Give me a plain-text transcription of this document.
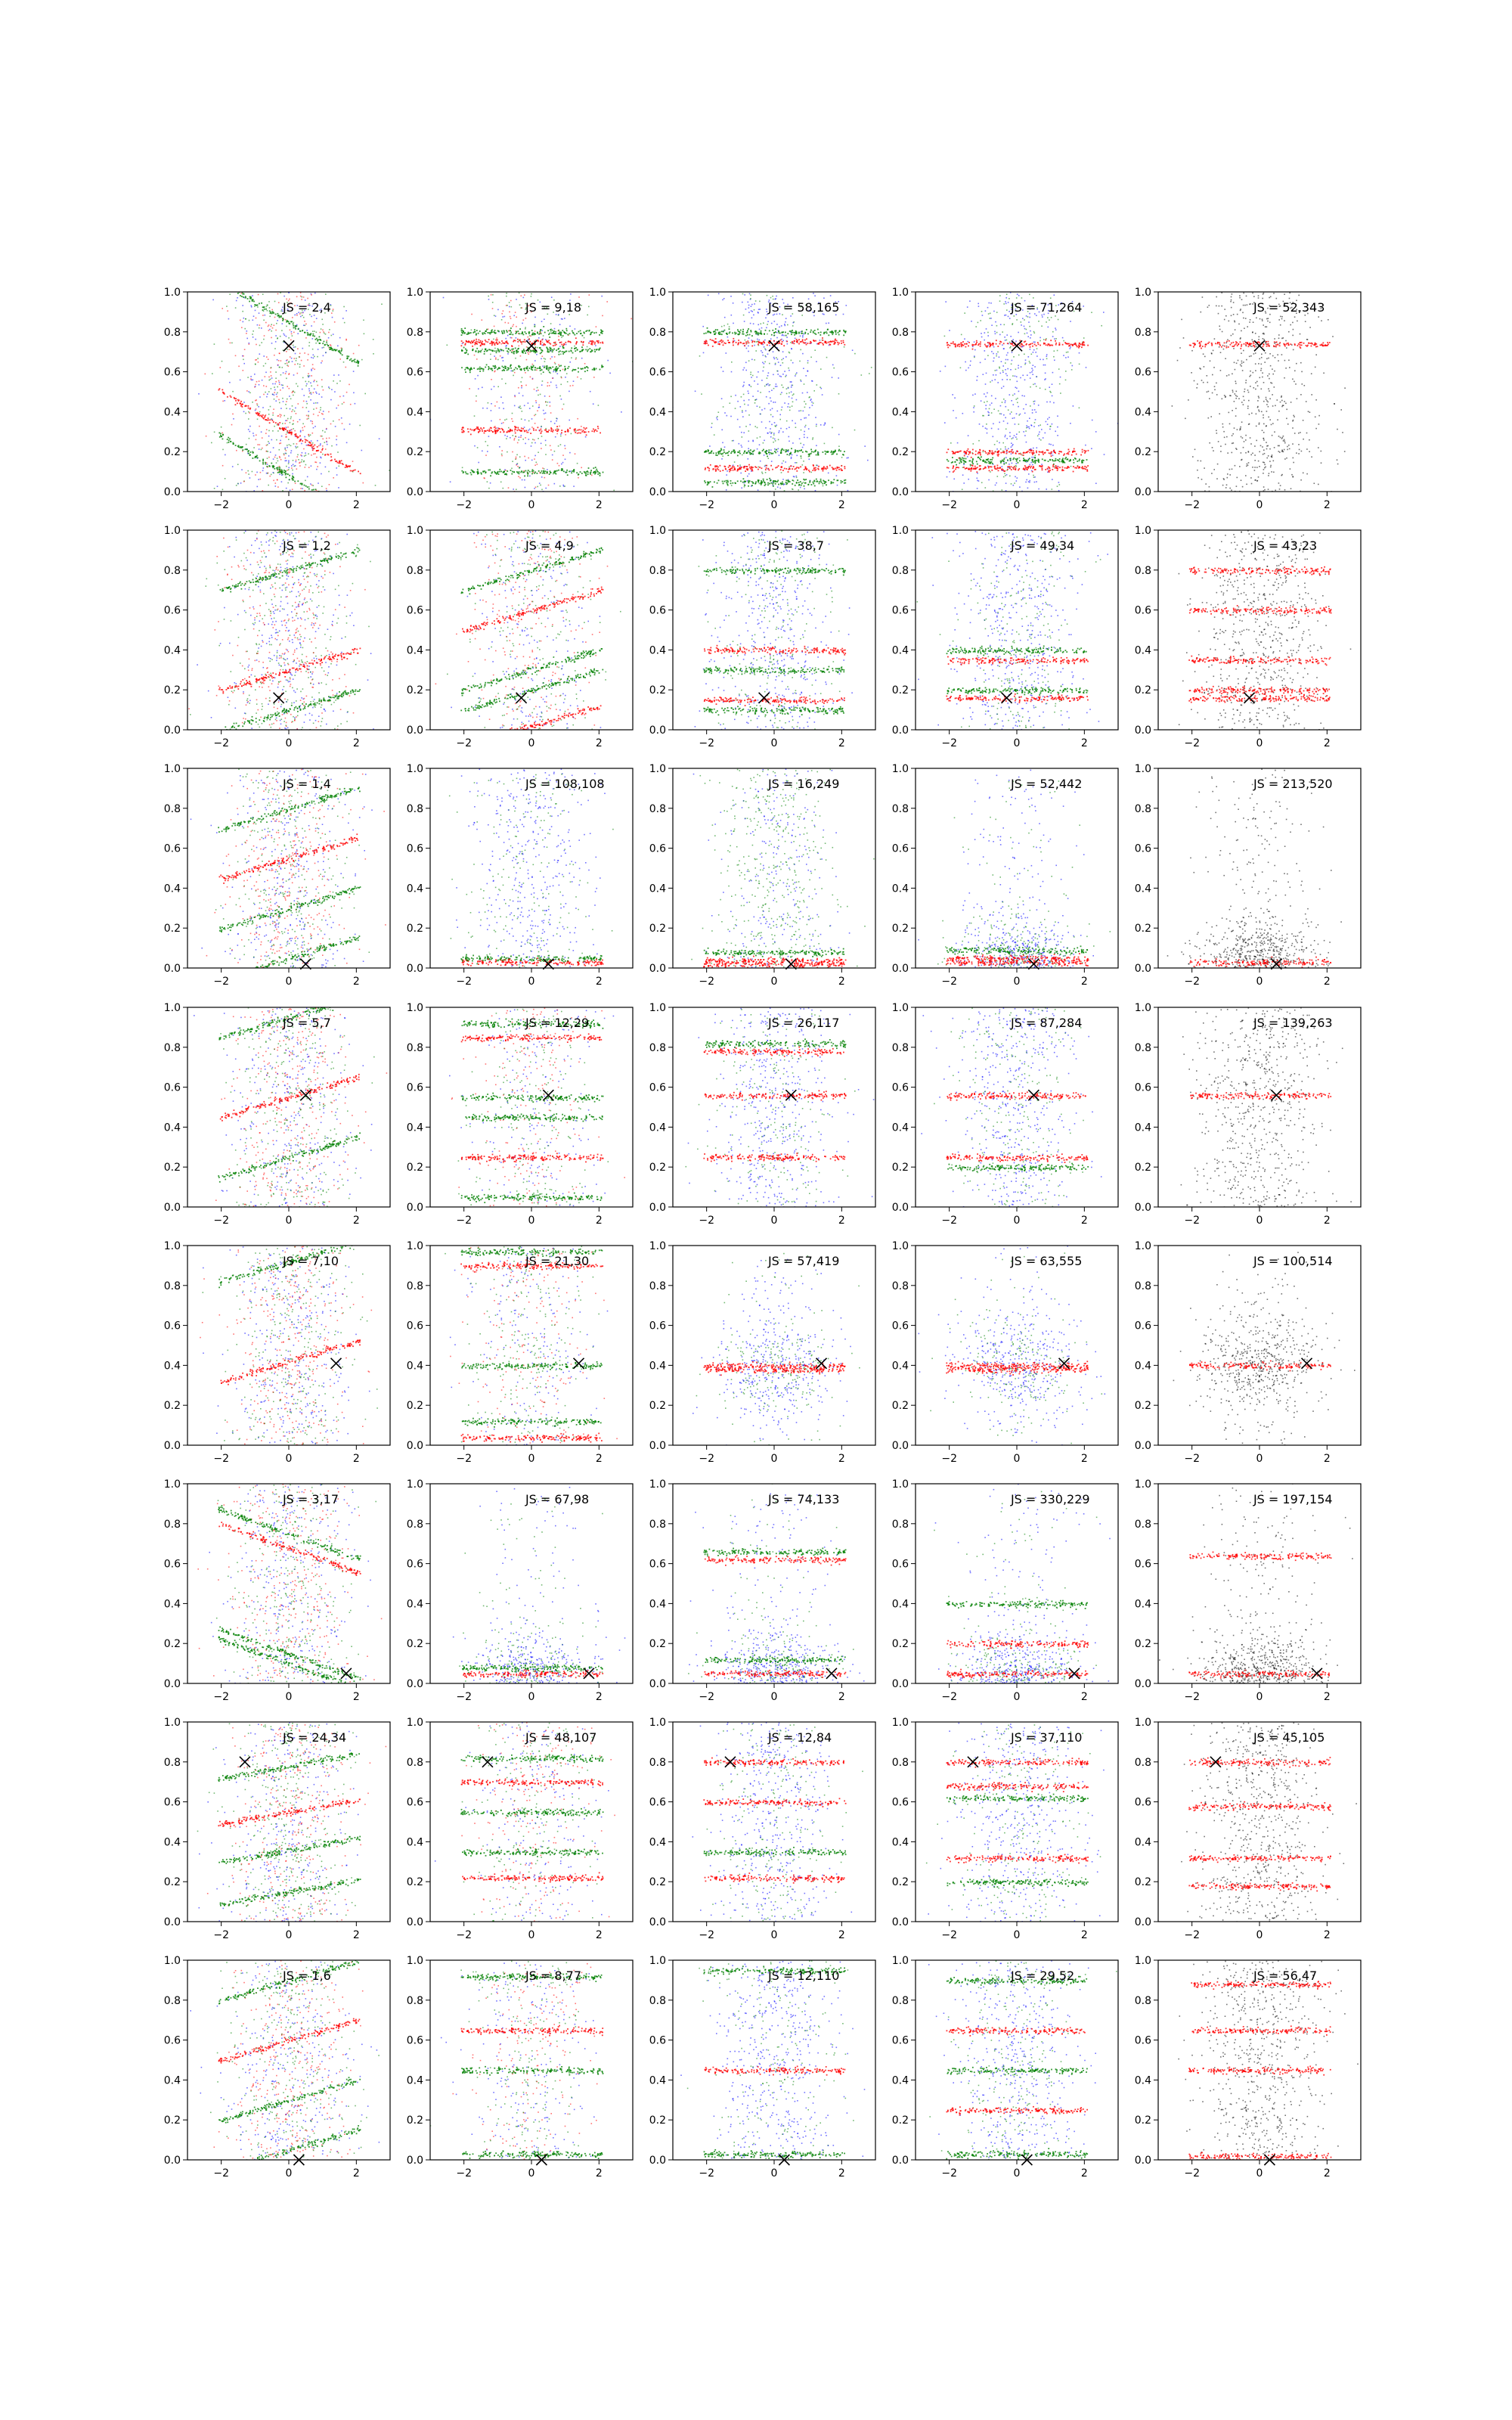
−2	0	2
0.0
0.2
0.4
0.6
0.8
1.0
JS = 2,4
−2	0	2
0.0
0.2
0.4
0.6
0.8
1.0
JS = 9,18
−2	0	2
0.0
0.2
0.4
0.6
0.8
1.0
JS = 58,165
−2	0	2
0.0
0.2
0.4
0.6
0.8
1.0
JS = 71,264
−2	0	2
0.0
0.2
0.4
0.6
0.8
1.0
JS = 52,343
−2	0	2
0.0
0.2
0.4
0.6
0.8
1.0
JS = 1,2
−2	0	2
0.0
0.2
0.4
0.6
0.8
1.0
JS = 4,9
−2	0	2
0.0
0.2
0.4
0.6
0.8
1.0
JS = 38,7
−2	0	2
0.0
0.2
0.4
0.6
0.8
1.0
JS = 49,34
−2	0	2
0.0
0.2
0.4
0.6
0.8
1.0
JS = 43,23
−2	0	2
0.0
0.2
0.4
0.6
0.8
1.0
JS = 1,4
−2	0	2
0.0
0.2
0.4
0.6
0.8
1.0
JS = 108,108
−2	0	2
0.0
0.2
0.4
0.6
0.8
1.0
JS = 16,249
−2	0	2
0.0
0.2
0.4
0.6
0.8
1.0
JS = 52,442
−2	0	2
0.0
0.2
0.4
0.6
0.8
1.0
JS = 213,520
−2	0	2
0.0
0.2
0.4
0.6
0.8
1.0
JS = 5,7
−2	0	2
0.0
0.2
0.4
0.6
0.8
1.0
JS = 12,29
−2	0	2
0.0
0.2
0.4
0.6
0.8
1.0
JS = 26,117
−2	0	2
0.0
0.2
0.4
0.6
0.8
1.0
JS = 87,284
−2	0	2
0.0
0.2
0.4
0.6
0.8
1.0
JS = 139,263
−2	0	2
0.0
0.2
0.4
0.6
0.8
1.0
JS = 7,10
−2	0	2
0.0
0.2
0.4
0.6
0.8
1.0
JS = 21,30
−2	0	2
0.0
0.2
0.4
0.6
0.8
1.0
JS = 57,419
−2	0	2
0.0
0.2
0.4
0.6
0.8
1.0
JS = 63,555
−2	0	2
0.0
0.2
0.4
0.6
0.8
1.0
JS = 100,514
−2	0	2
0.0
0.2
0.4
0.6
0.8
1.0
JS = 3,17
−2	0	2
0.0
0.2
0.4
0.6
0.8
1.0
JS = 67,98
−2	0	2
0.0
0.2
0.4
0.6
0.8
1.0
JS = 74,133
−2	0	2
0.0
0.2
0.4
0.6
0.8
1.0
JS = 330,229
−2	0	2
0.0
0.2
0.4
0.6
0.8
1.0
JS = 197,154
−2	0	2
0.0
0.2
0.4
0.6
0.8
1.0
JS = 24,34
−2	0	2
0.0
0.2
0.4
0.6
0.8
1.0
JS = 48,107
−2	0	2
0.0
0.2
0.4
0.6
0.8
1.0
JS = 12,84
−2	0	2
0.0
0.2
0.4
0.6
0.8
1.0
JS = 37,110
−2	0	2
0.0
0.2
0.4
0.6
0.8
1.0
JS = 45,105
−2	0	2
0.0
0.2
0.4
0.6
0.8
1.0
JS = 1,6
−2	0	2
0.0
0.2
0.4
0.6
0.8
1.0
JS = 8,77
−2	0	2
0.0
0.2
0.4
0.6
0.8
1.0
JS = 12,110
−2	0	2
0.0
0.2
0.4
0.6
0.8
1.0
JS = 29,52
−2	0	2
0.0
0.2
0.4
0.6
0.8
1.0
JS = 56,47
